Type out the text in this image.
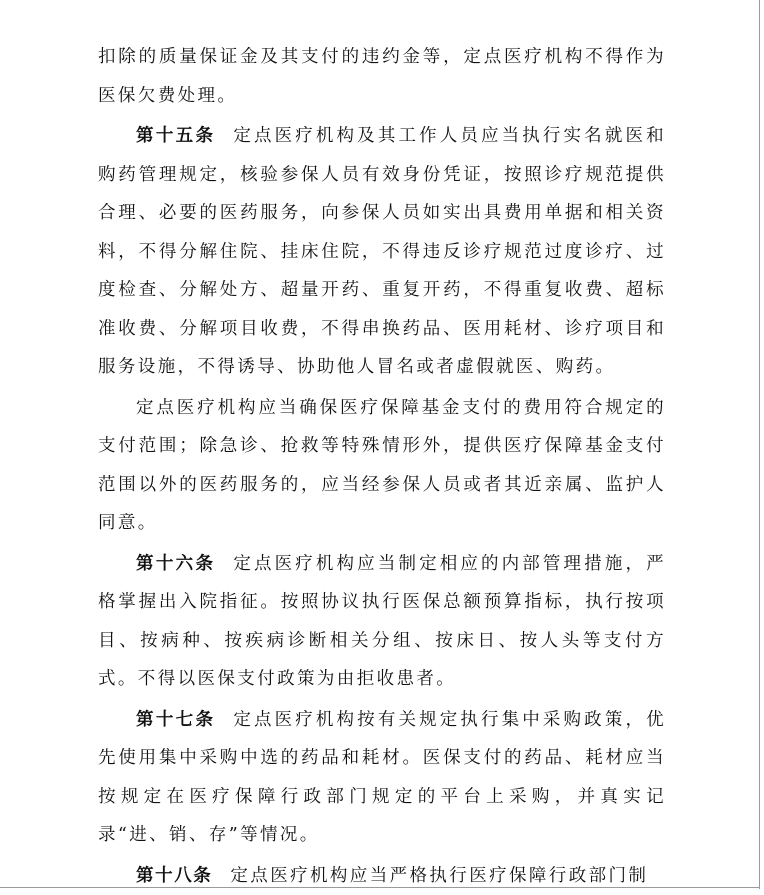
扣除的质量保证金及其支付的违约金等，定点医疗机构不得作为医保欠费处理。

第十五条 定点医疗机构及其工作人员应当执行实名就医和购药管理规定，核验参保人员有效身份凭证，按照诊疗规范提供合理、必要的医药服务，向参保人员如实出具费用单据和相关资料，不得分解住院、挂床住院，不得违反诊疗规范过度诊疗、过度检查、分解处方、超量开药、重复开药，不得重复收费、超标准收费、分解项目收费，不得串换药品、医用耗材、诊疗项目和服务设施，不得诱导、协助他人冒名或者虚假就医、购药。

定点医疗机构应当确保医疗保障基金支付的费用符合规定的支付范围；除急诊、抢救等特殊情形外，提供医疗保障基金支付范围以外的医药服务的，应当经参保人员或者其近亲属、监护人同意。

第十六条 定点医疗机构应当制定相应的内部管理措施，严格掌握出入院指征。按照协议执行医保总额预算指标，执行按项目、按病种、按疾病诊断相关分组、按床日、按人头等支付方式。不得以医保支付政策为由拒收患者。

第十七条 定点医疗机构按有关规定执行集中采购政策，优先使用集中采购中选的药品和耗材。医保支付的药品、耗材应当按规定在医疗保障行政部门规定的平台上采购，并真实记录“进、销、存”等情况。

第十八条 定点医疗机构应当严格执行医疗保障行政部门制
